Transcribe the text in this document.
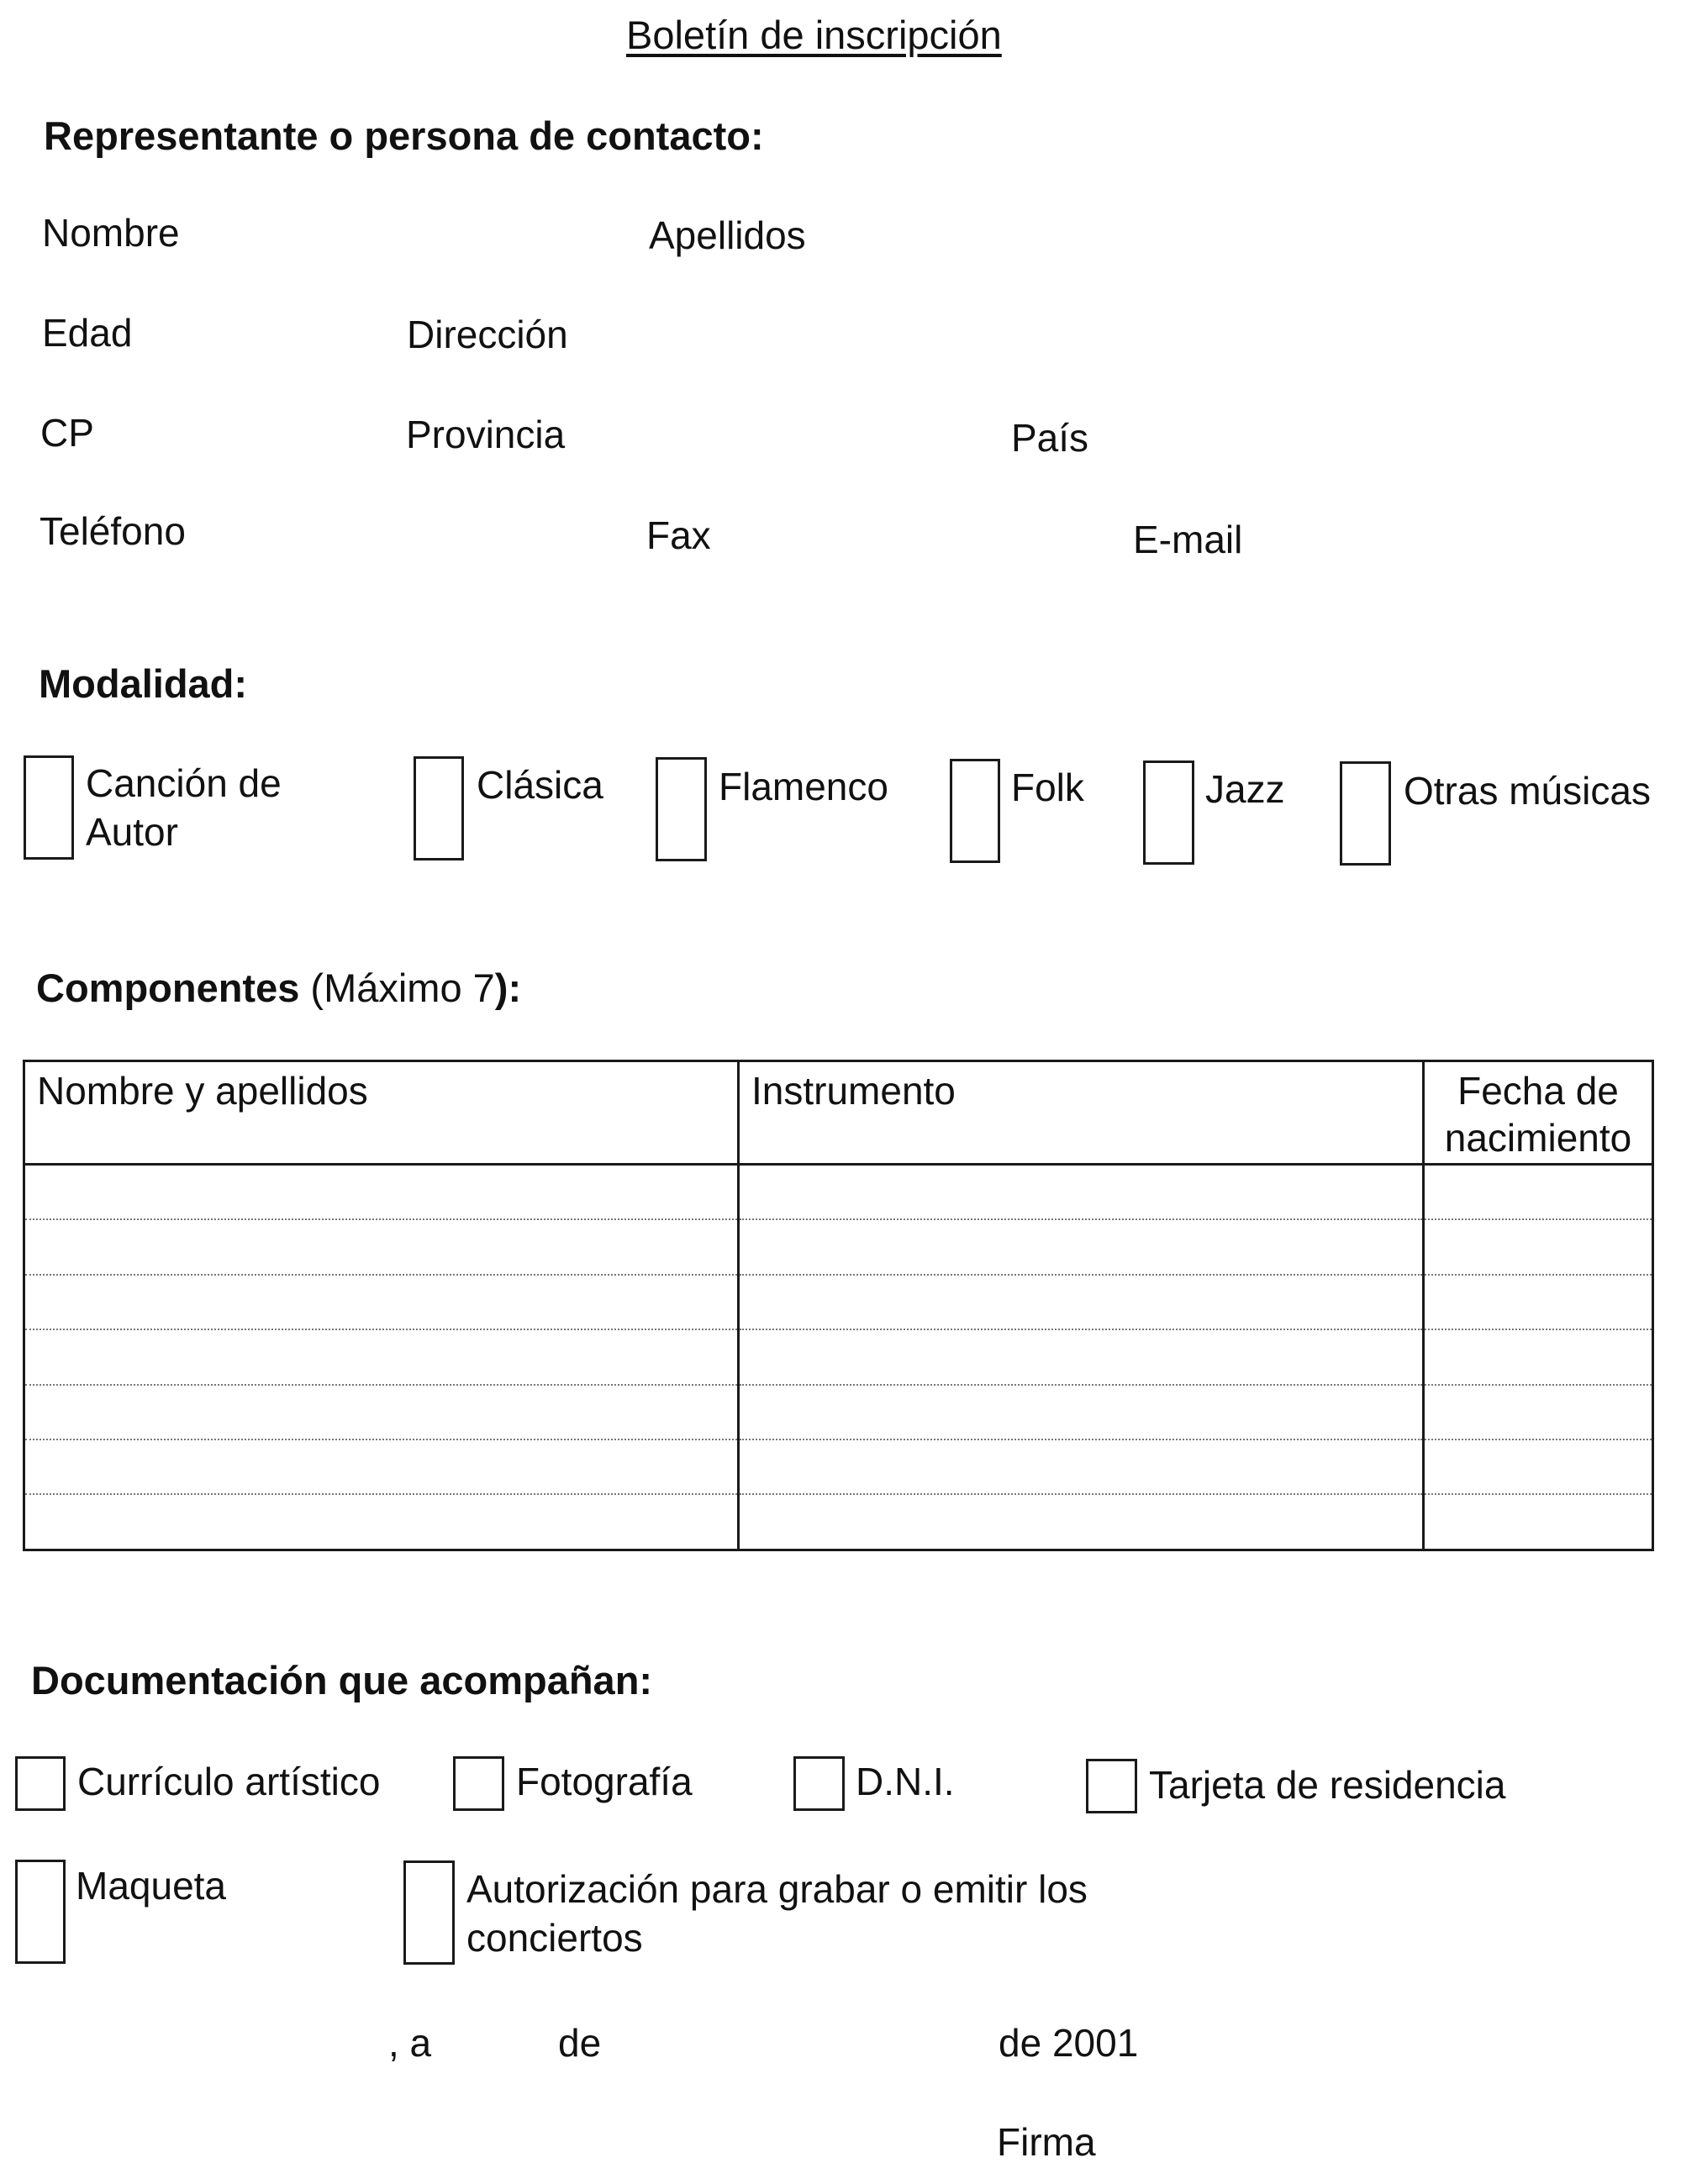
Boletín de inscripción
Representante o persona de contacto:
Nombre	Apellidos
Edad	Dirección
CP	Provincia	País
Teléfono	Fax	E-mail
Modalidad:
Canción de
Autor
Clásica	Flamenco	Folk	Jazz	Otras músicas
Componentes (Máximo 7):
Nombre y apellidos	Instrumento	Fecha de
nacimiento

Documentación que acompañan:
Currículo artístico	Fotografía	D.N.I.	Tarjeta de residencia
Maqueta	Autorización para grabar o emitir los
conciertos
, a	de	de 2001
Firma
